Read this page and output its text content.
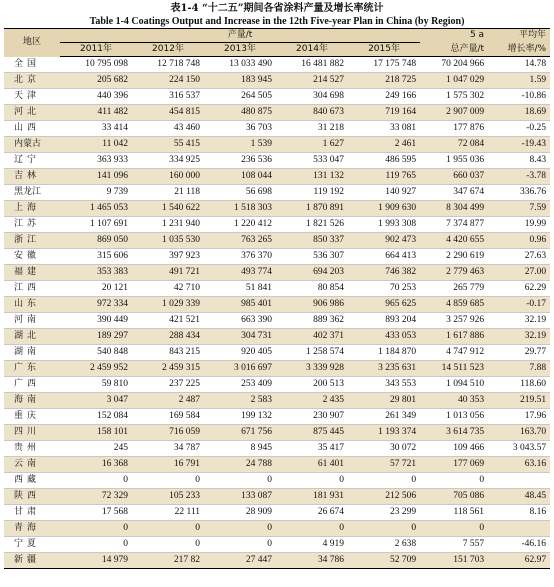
表1-4 “十二五”期间各省涂料产量及增长率统计
Table 1-4 Coatings Output and Increase in the 12th Five-year Plan in China (by Region)
地区	产量/t					5 a	平均年
	2011年	2012年	2013年	2014年	2015年	总产量/t	增长率/%
全国	10 795 098	12 718 748	13 033 490	16 481 882	17 175 748	70 204 966	14.78
北京	205 682	224 150	183 945	214 527	218 725	1 047 029	1.59
天津	440 396	316 537	264 505	304 698	249 166	1 575 302	-10.86
河北	411 482	454 815	480 875	840 673	719 164	2 907 009	18.69
山西	33 414	43 460	36 703	31 218	33 081	177 876	-0.25
内蒙古	11 042	55 415	1 539	1 627	2 461	72 084	-19.43
辽宁	363 933	334 925	236 536	533 047	486 595	1 955 036	8.43
吉林	141 096	160 000	108 044	131 132	119 765	660 037	-3.78
黑龙江	9 739	21 118	56 698	119 192	140 927	347 674	336.76
上海	1 465 053	1 540 622	1 518 303	1 870 891	1 909 630	8 304 499	7.59
江苏	1 107 691	1 231 940	1 220 412	1 821 526	1 993 308	7 374 877	19.99
浙江	869 050	1 035 530	763 265	850 337	902 473	4 420 655	0.96
安徽	315 606	397 923	376 370	536 307	664 413	2 290 619	27.63
福建	353 383	491 721	493 774	694 203	746 382	2 779 463	27.00
江西	20 121	42 710	51 841	80 854	70 253	265 779	62.29
山东	972 334	1 029 339	985 401	906 986	965 625	4 859 685	-0.17
河南	390 449	421 521	663 390	889 362	893 204	3 257 926	32.19
湖北	189 297	288 434	304 731	402 371	433 053	1 617 886	32.19
湖南	540 848	843 215	920 405	1 258 574	1 184 870	4 747 912	29.77
广东	2 459 952	2 459 315	3 016 697	3 339 928	3 235 631	14 511 523	7.88
广西	59 810	237 225	253 409	200 513	343 553	1 094 510	118.60
海南	3 047	2 487	2 583	2 435	29 801	40 353	219.51
重庆	152 084	169 584	199 132	230 907	261 349	1 013 056	17.96
四川	158 101	716 059	671 756	875 445	1 193 374	3 614 735	163.70
贵州	245	34 787	8 945	35 417	30 072	109 466	3 043.57
云南	16 368	16 791	24 788	61 401	57 721	177 069	63.16
西藏	0	0	0	0	0	0	
陕西	72 329	105 233	133 087	181 931	212 506	705 086	48.45
甘肃	17 568	22 111	28 909	26 674	23 299	118 561	8.16
青海	0	0	0	0	0	0	
宁夏	0	0	0	4 919	2 638	7 557	-46.16
新疆	14 979	217 82	27 447	34 786	52 709	151 703	62.97
